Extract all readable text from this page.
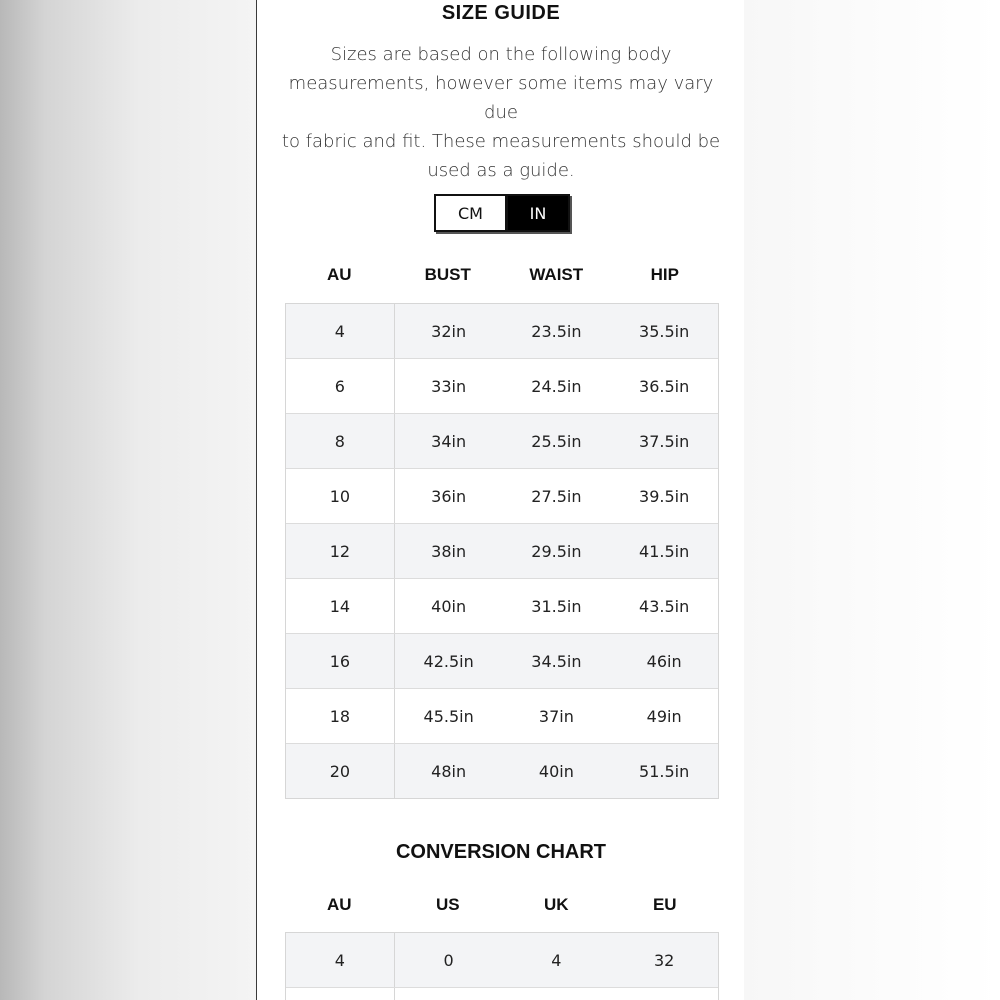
SIZE GUIDE

Sizes are based on the following body
measurements, however some items may vary due
to fabric and fit. These measurements should be
used as a guide.

CM	IN
AU	BUST	WAIST	HIP
4	32in	23.5in	35.5in
6	33in	24.5in	36.5in
8	34in	25.5in	37.5in
10	36in	27.5in	39.5in
12	38in	29.5in	41.5in
14	40in	31.5in	43.5in
16	42.5in	34.5in	46in
18	45.5in	37in	49in
20	48in	40in	51.5in
CONVERSION CHART
AU	US	UK	EU
4	0	4	32
